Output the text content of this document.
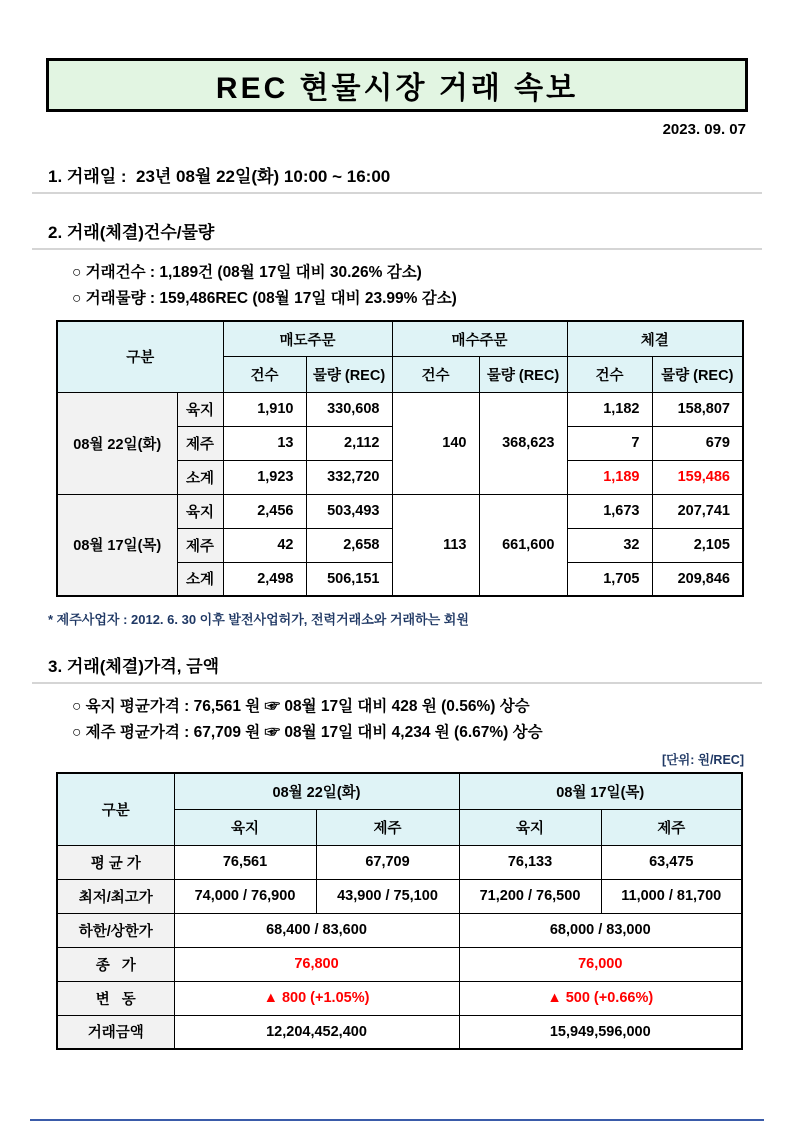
REC 현물시장 거래 속보
2023. 09. 07
1. 거래일 :  23년 08월 22일(화) 10:00 ~ 16:00
2. 거래(체결)건수/물량
○ 거래건수 : 1,189건 (08월 17일 대비 30.26% 감소)
○ 거래물량 : 159,486REC (08월 17일 대비 23.99% 감소)
구분		매도주문		매수주문		체결	
		건수	물량 (REC)	건수	물량 (REC)	건수	물량 (REC)
08월 22일(화)	육지	1,910	330,608	140	368,623	1,182	158,807
	제주	13	2,112			7	679
	소계	1,923	332,720			1,189	159,486
08월 17일(목)	육지	2,456	503,493	113	661,600	1,673	207,741
	제주	42	2,658			32	2,105
	소계	2,498	506,151			1,705	209,846
* 제주사업자 : 2012. 6. 30 이후 발전사업허가, 전력거래소와 거래하는 회원
3. 거래(체결)가격, 금액
○ 육지 평균가격 : 76,561 원 ☞ 08월 17일 대비 428 원 (0.56%) 상승
○ 제주 평균가격 : 67,709 원 ☞ 08월 17일 대비 4,234 원 (6.67%) 상승
[단위: 원/REC]
구분	08월 22일(화)		08월 17일(목)	
	육지	제주	육지	제주
평 균 가	76,561	67,709	76,133	63,475
최저/최고가	74,000 / 76,900	43,900 / 75,100	71,200 / 76,500	11,000 / 81,700
하한/상한가	68,400 / 83,600		68,000 / 83,000	
종   가	76,800		76,000	
변   동	▲ 800 (+1.05%)		▲ 500 (+0.66%)	
거래금액	12,204,452,400		15,949,596,000	
